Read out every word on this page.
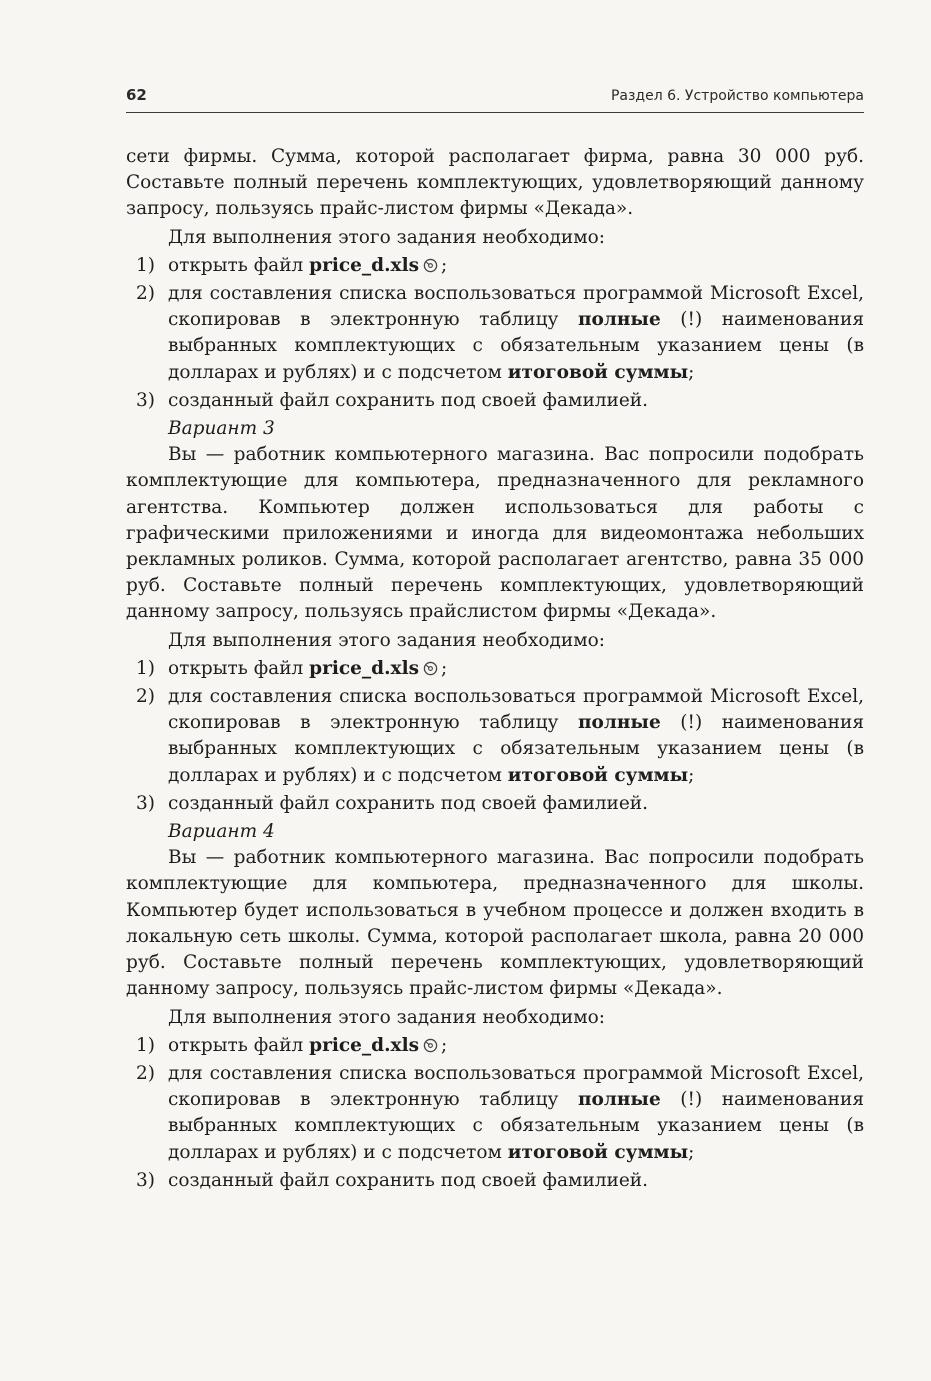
62	Раздел 6. Устройство компьютера

сети фирмы. Сумма, которой располагает фирма, равна 30 000 руб. Составьте полный перечень комплектующих, удовлетворяющий данному запросу, пользуясь прайс-листом фирмы «Декада».

Для выполнения этого задания необходимо:

1) открыть файл price_d.xls ;

2) для составления списка воспользоваться программой Microsoft Excel, скопировав в электронную таблицу полные (!) наименования выбранных комплектующих с обязательным указанием цены (в долларах и рублях) и с подсчетом итоговой суммы;

3) созданный файл сохранить под своей фамилией.

Вариант 3

Вы — работник компьютерного магазина. Вас попросили подобрать комплектующие для компьютера, предназначенного для рекламного агентства. Компьютер должен использоваться для работы с графическими приложениями и иногда для видеомонтажа небольших рекламных роликов. Сумма, которой располагает агентство, равна 35 000 руб. Составьте полный перечень комплектующих, удовлетворяющий данному запросу, пользуясь прайслистом фирмы «Декада».

Для выполнения этого задания необходимо:

1) открыть файл price_d.xls ;

2) для составления списка воспользоваться программой Microsoft Excel, скопировав в электронную таблицу полные (!) наименования выбранных комплектующих с обязательным указанием цены (в долларах и рублях) и с подсчетом итоговой суммы;

3) созданный файл сохранить под своей фамилией.

Вариант 4

Вы — работник компьютерного магазина. Вас попросили подобрать комплектующие для компьютера, предназначенного для школы. Компьютер будет использоваться в учебном процессе и должен входить в локальную сеть школы. Сумма, которой располагает школа, равна 20 000 руб. Составьте полный перечень комплектующих, удовлетворяющий данному запросу, пользуясь прайс-листом фирмы «Декада».

Для выполнения этого задания необходимо:

1) открыть файл price_d.xls ;

2) для составления списка воспользоваться программой Microsoft Excel, скопировав в электронную таблицу полные (!) наименования выбранных комплектующих с обязательным указанием цены (в долларах и рублях) и с подсчетом итоговой суммы;

3) созданный файл сохранить под своей фамилией.
